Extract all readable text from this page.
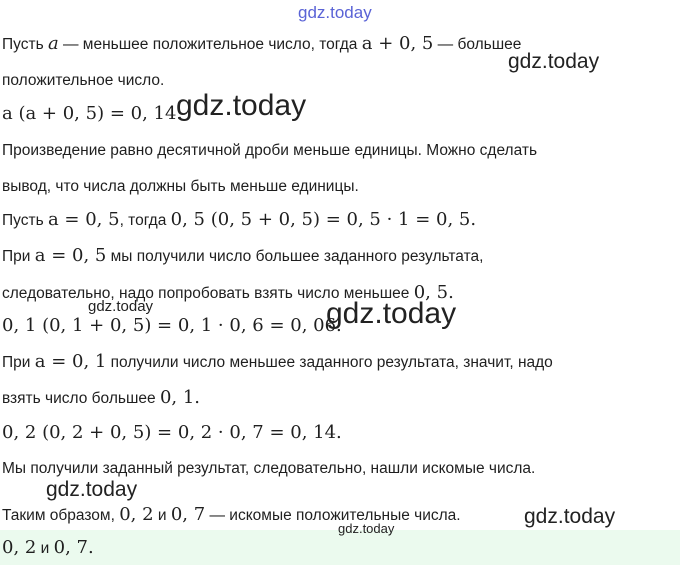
gdz.today
Пусть a — меньшее положительное число, тогда a + 0, 5 — большее
gdz.today
положительное число.
a (a + 0, 5) = 0, 14.
gdz.today
Произведение равно десятичной дроби меньше единицы. Можно сделать
вывод, что числа должны быть меньше единицы.
Пусть a = 0, 5, тогда 0, 5 (0, 5 + 0, 5) = 0, 5 · 1 = 0, 5.
При a = 0, 5 мы получили число большее заданного результата,
следовательно, надо попробовать взять число меньшее 0, 5.
gdz.today
0, 1 (0, 1 + 0, 5) = 0, 1 · 0, 6 = 0, 06.
gdz.today
При a = 0, 1 получили число меньшее заданного результата, значит, надо
взять число большее 0, 1.
0, 2 (0, 2 + 0, 5) = 0, 2 · 0, 7 = 0, 14.
Мы получили заданный результат, следовательно, нашли искомые числа.
gdz.today
Таким образом, 0, 2 и 0, 7 — искомые положительные числа.	gdz.today
gdz.today
0, 2 и 0, 7.
